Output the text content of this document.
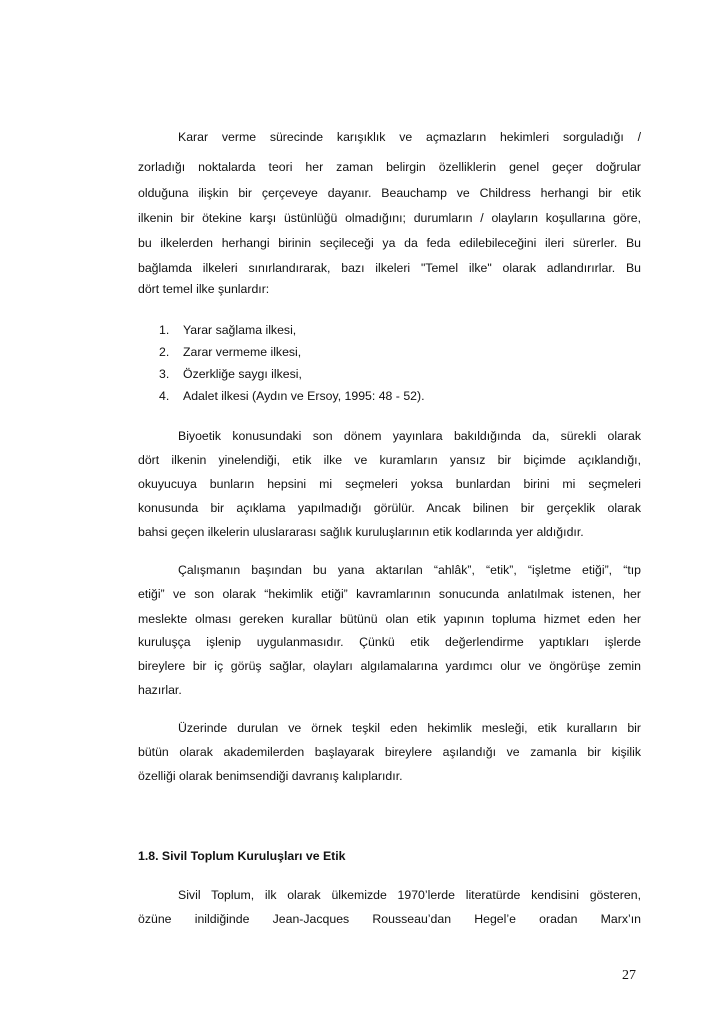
Karar verme sürecinde karışıklık ve açmazların hekimleri sorguladığı /
zorladığı noktalarda teori her zaman belirgin özelliklerin genel geçer doğrular
olduğuna ilişkin bir çerçeveye dayanır. Beauchamp ve Childress herhangi bir etik
ilkenin bir ötekine karşı üstünlüğü olmadığını; durumların / olayların koşullarına göre,
bu ilkelerden herhangi birinin seçileceği ya da feda edilebileceğini ileri sürerler. Bu
bağlamda ilkeleri sınırlandırarak, bazı ilkeleri "Temel ilke" olarak adlandırırlar. Bu
dört temel ilke şunlardır:
1. Yarar sağlama ilkesi,
2. Zarar vermeme ilkesi,
3. Özerkliğe saygı ilkesi,
4. Adalet ilkesi (Aydın ve Ersoy, 1995: 48 - 52).
Biyoetik konusundaki son dönem yayınlara bakıldığında da, sürekli olarak
dört ilkenin yinelendiği, etik ilke ve kuramların yansız bir biçimde açıklandığı,
okuyucuya bunların hepsini mi seçmeleri yoksa bunlardan birini mi seçmeleri
konusunda bir açıklama yapılmadığı görülür. Ancak bilinen bir gerçeklik olarak
bahsi geçen ilkelerin uluslararası sağlık kuruluşlarının etik kodlarında yer aldığıdır.
Çalışmanın başından bu yana aktarılan “ahlâk”, “etik”, “işletme etiği”, “tıp
etiği” ve son olarak “hekimlik etiği” kavramlarının sonucunda anlatılmak istenen, her
meslekte olması gereken kurallar bütünü olan etik yapının topluma hizmet eden her
kuruluşça işlenip uygulanmasıdır. Çünkü etik değerlendirme yaptıkları işlerde
bireylere bir iç görüş sağlar, olayları algılamalarına yardımcı olur ve öngörüşe zemin
hazırlar.
Üzerinde durulan ve örnek teşkil eden hekimlik mesleği, etik kuralların bir
bütün olarak akademilerden başlayarak bireylere aşılandığı ve zamanla bir kişilik
özelliği olarak benimsendiği davranış kalıplarıdır.
1.8. Sivil Toplum Kuruluşları ve Etik
Sivil Toplum, ilk olarak ülkemizde 1970’lerde literatürde kendisini gösteren,
özüne inildiğinde Jean-Jacques Rousseau’dan Hegel’e oradan Marx’ın
27
